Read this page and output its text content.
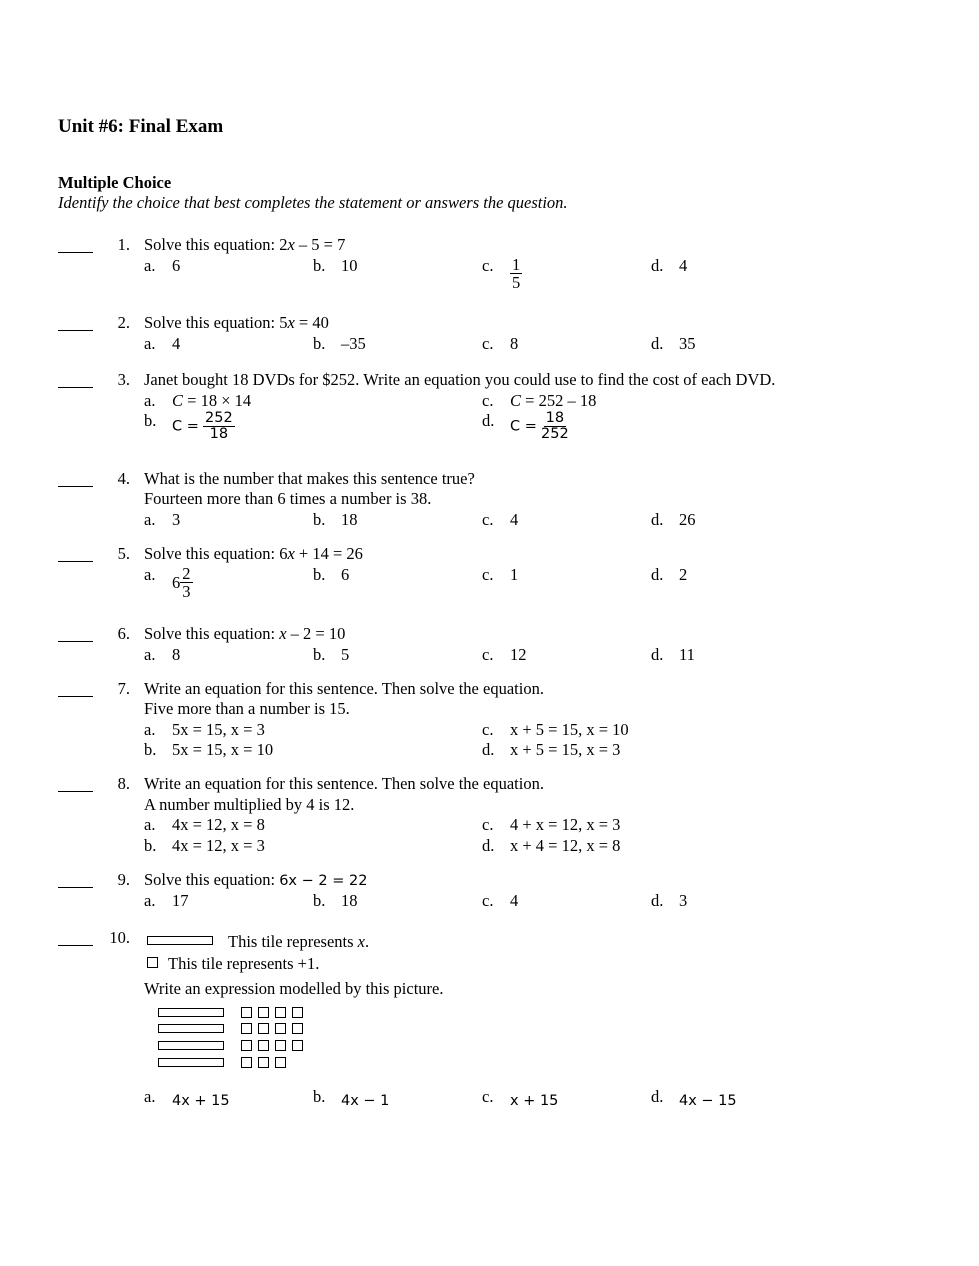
Unit #6: Final Exam
Multiple Choice
Identify the choice that best completes the statement or answers the question.
1. Solve this equation: 2x – 5 = 7
a. 6	b. 10	c. $\frac{1}{5}$	d. 4
2. Solve this equation: 5x = 40
a. 4	b. –35	c. 8	d. 35
3. Janet bought 18 DVDs for $252. Write an equation you could use to find the cost of each DVD.
a. C = 18 × 14	c. C = 252 – 18
b. $C = \frac{252}{18}$	d. $C = \frac{18}{252}$
4. What is the number that makes this sentence true?
Fourteen more than 6 times a number is 38.
a. 3	b. 18	c. 4	d. 26
5. Solve this equation: 6x + 14 = 26
a. $6 \frac{2}{3}$	b. 6	c. 1	d. 2
6. Solve this equation: x – 2 = 10
a. 8	b. 5	c. 12	d. 11
7. Write an equation for this sentence. Then solve the equation.
Five more than a number is 15.
a. 5x = 15, x = 3	c. x + 5 = 15, x = 10
b. 5x = 15, x = 10	d. x + 5 = 15, x = 3
8. Write an equation for this sentence. Then solve the equation.
A number multiplied by 4 is 12.
a. 4x = 12, x = 8	c. 4 + x = 12, x = 3
b. 4x = 12, x = 3	d. x + 4 = 12, x = 8
9. Solve this equation: 6x − 2 = 22
a. 17	b. 18	c. 4	d. 3
10.	This tile represents x.
This tile represents +1.
Write an expression modelled by this picture.
a. 4x + 15	b. 4x − 1	c. x + 15	d. 4x − 15
